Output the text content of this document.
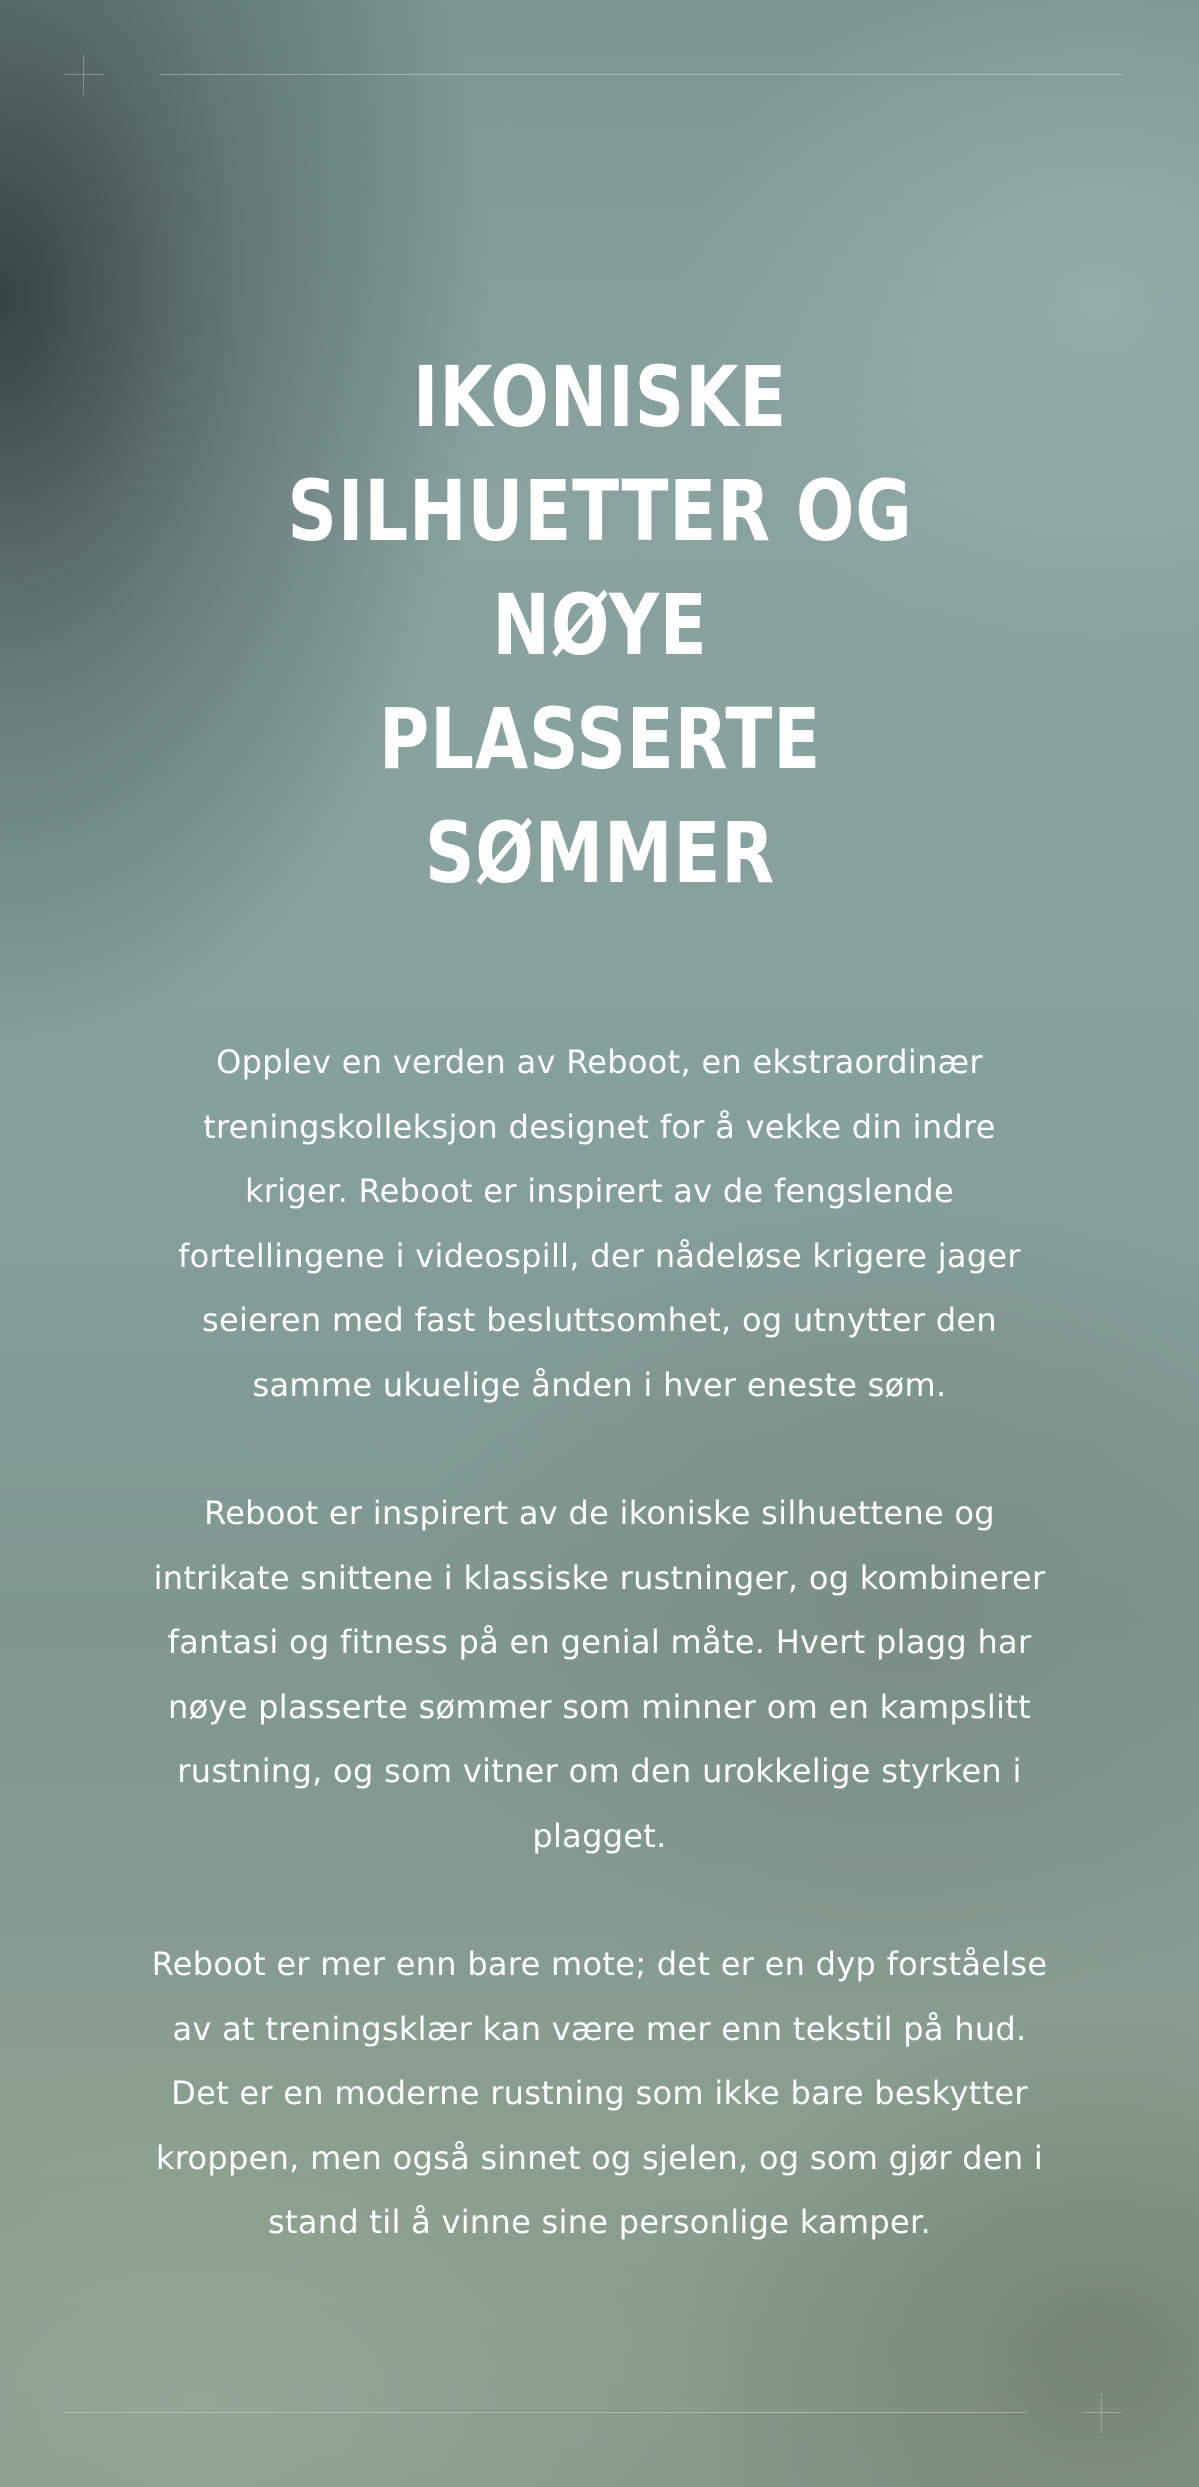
IKONISKE
SILHUETTER OG NØYE
PLASSERTE SØMMER

Opplev en verden av Reboot, en ekstraordinær treningskolleksjon designet for å vekke din indre kriger. Reboot er inspirert av de fengslende fortellingene i videospill, der nådeløse krigere jager seieren med fast besluttsomhet, og utnytter den samme ukuelige ånden i hver eneste søm.

Reboot er inspirert av de ikoniske silhuettene og intrikate snittene i klassiske rustninger, og kombinerer fantasi og fitness på en genial måte. Hvert plagg har nøye plasserte sømmer som minner om en kampslitt rustning, og som vitner om den urokkelige styrken i plagget.

Reboot er mer enn bare mote; det er en dyp forståelse av at treningsklær kan være mer enn tekstil på hud. Det er en moderne rustning som ikke bare beskytter kroppen, men også sinnet og sjelen, og som gjør den i stand til å vinne sine personlige kamper.
